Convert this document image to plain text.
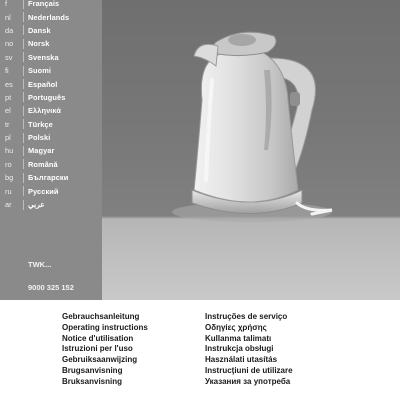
f	Français
nl	Nederlands
da	Dansk
no	Norsk
sv	Svenska
fi	Suomi
es	Español
pt	Português
el	Ελληνικά
tr	Türkçe
pl	Polski
hu	Magyar
ro	Română
bg	Български
ru	Русский
ar	عربي
TWK...
9000 325 152
Gebrauchsanleitung
Operating instructions
Notice d'utilisation
Istruzioni per l'uso
Gebruiksaanwijzing
Brugsanvisning
Bruksanvisning
Instruções de serviço
Οδηγίες χρήσης
Kullanma talimatı
Instrukcja obsługi
Használati utasítás
Instrucţiuni de utilizare
Указания за употреба
